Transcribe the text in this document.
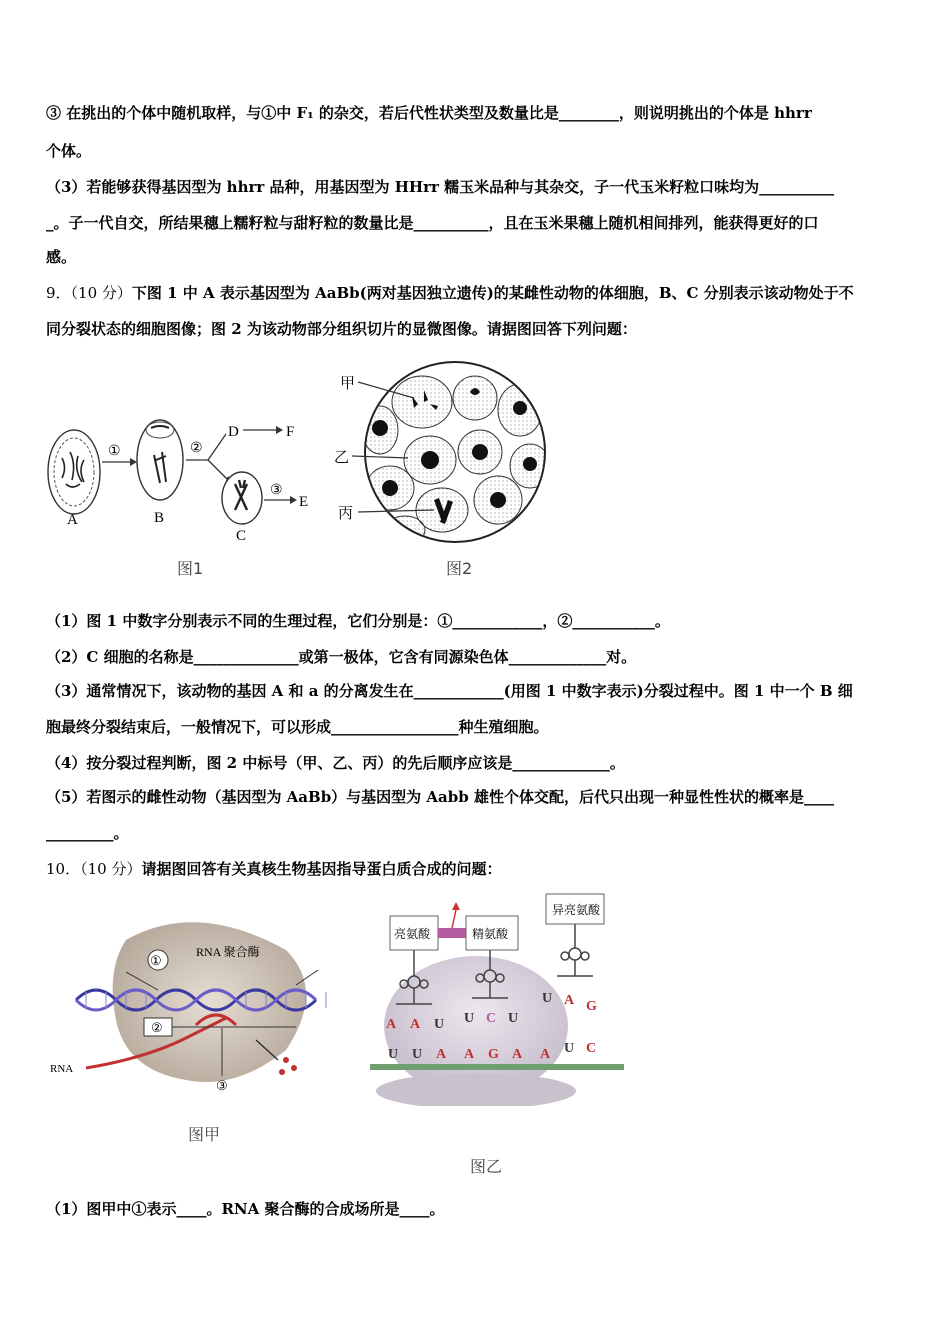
③ 在挑出的个体中随机取样，与①中 F₁ 的杂交，若后代性状类型及数量比是________，则说明挑出的个体是 hhrr
个体。
（3）若能够获得基因型为 hhrr 品种，用基因型为 HHrr 糯玉米品种与其杂交，子一代玉米籽粒口味均为__________
_。子一代自交，所结果穗上糯籽粒与甜籽粒的数量比是__________，且在玉米果穗上随机相间排列，能获得更好的口
感。
9．（10 分）下图 1 中 A 表示基因型为 AaBb(两对基因独立遗传)的某雌性动物的体细胞，B、C 分别表示该动物处于不
同分裂状态的细胞图像；图 2 为该动物部分组织切片的显微图像。请据图回答下列问题：
A
①
B
②
D	F
C
③
E
图1
甲
乙
丙
图2
（1）图 1 中数字分别表示不同的生理过程，它们分别是：①____________，②___________。
（2）C 细胞的名称是______________或第一极体，它含有同源染色体_____________对。
（3）通常情况下，该动物的基因 A 和 a 的分离发生在____________(用图 1 中数字表示)分裂过程中。图 1 中一个 B 细
胞最终分裂结束后，一般情况下，可以形成_________________种生殖细胞。
（4）按分裂过程判断，图 2 中标号（甲、乙、丙）的先后顺序应该是_____________。
（5）若图示的雌性动物（基因型为 AaBb）与基因型为 Aabb 雄性个体交配，后代只出现一种显性性状的概率是____
_________。
10．（10 分）请据图回答有关真核生物基因指导蛋白质合成的问题：
①
②
③
RNA 聚合酶
RNA
图甲
亮氨酸	精氨酸
异亮氨酸
A A U U C U
U A G
U U A A G A A U C
图乙
（1）图甲中①表示____。RNA 聚合酶的合成场所是____。
